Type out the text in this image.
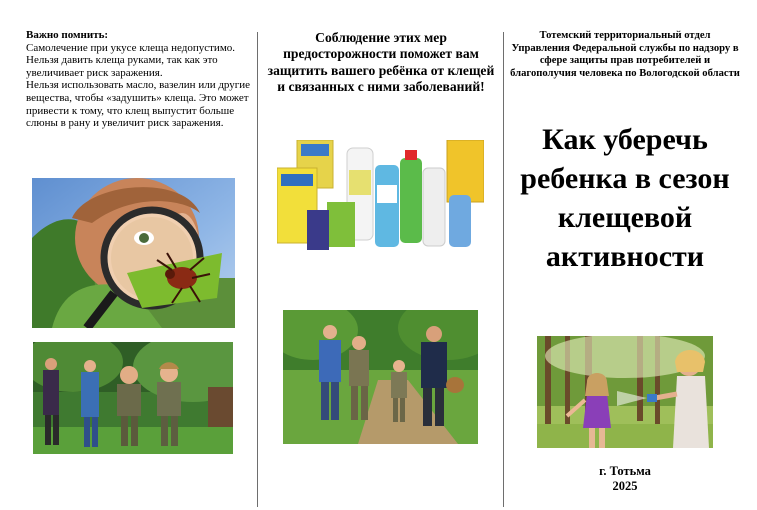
Важно помнить:
Самолечение при укусе клеща недопустимо.
Нельзя давить клеща руками, так как это увеличивает риск заражения.
Нельзя использовать масло, вазелин или другие вещества, чтобы «задушить» клеща. Это может привести к тому, что клещ выпустит больше слюны в рану и увеличит риск заражения.
Соблюдение этих мер предосторожности поможет вам защитить вашего ребёнка от клещей и связанных с ними заболеваний!
Тотемский территориальный отдел Управления Федеральной службы по надзору в сфере защиты прав потребителей и благополучия человека по Вологодской области
Как уберечь ребенка в сезон клещевой активности
г. Тотьма
2025
